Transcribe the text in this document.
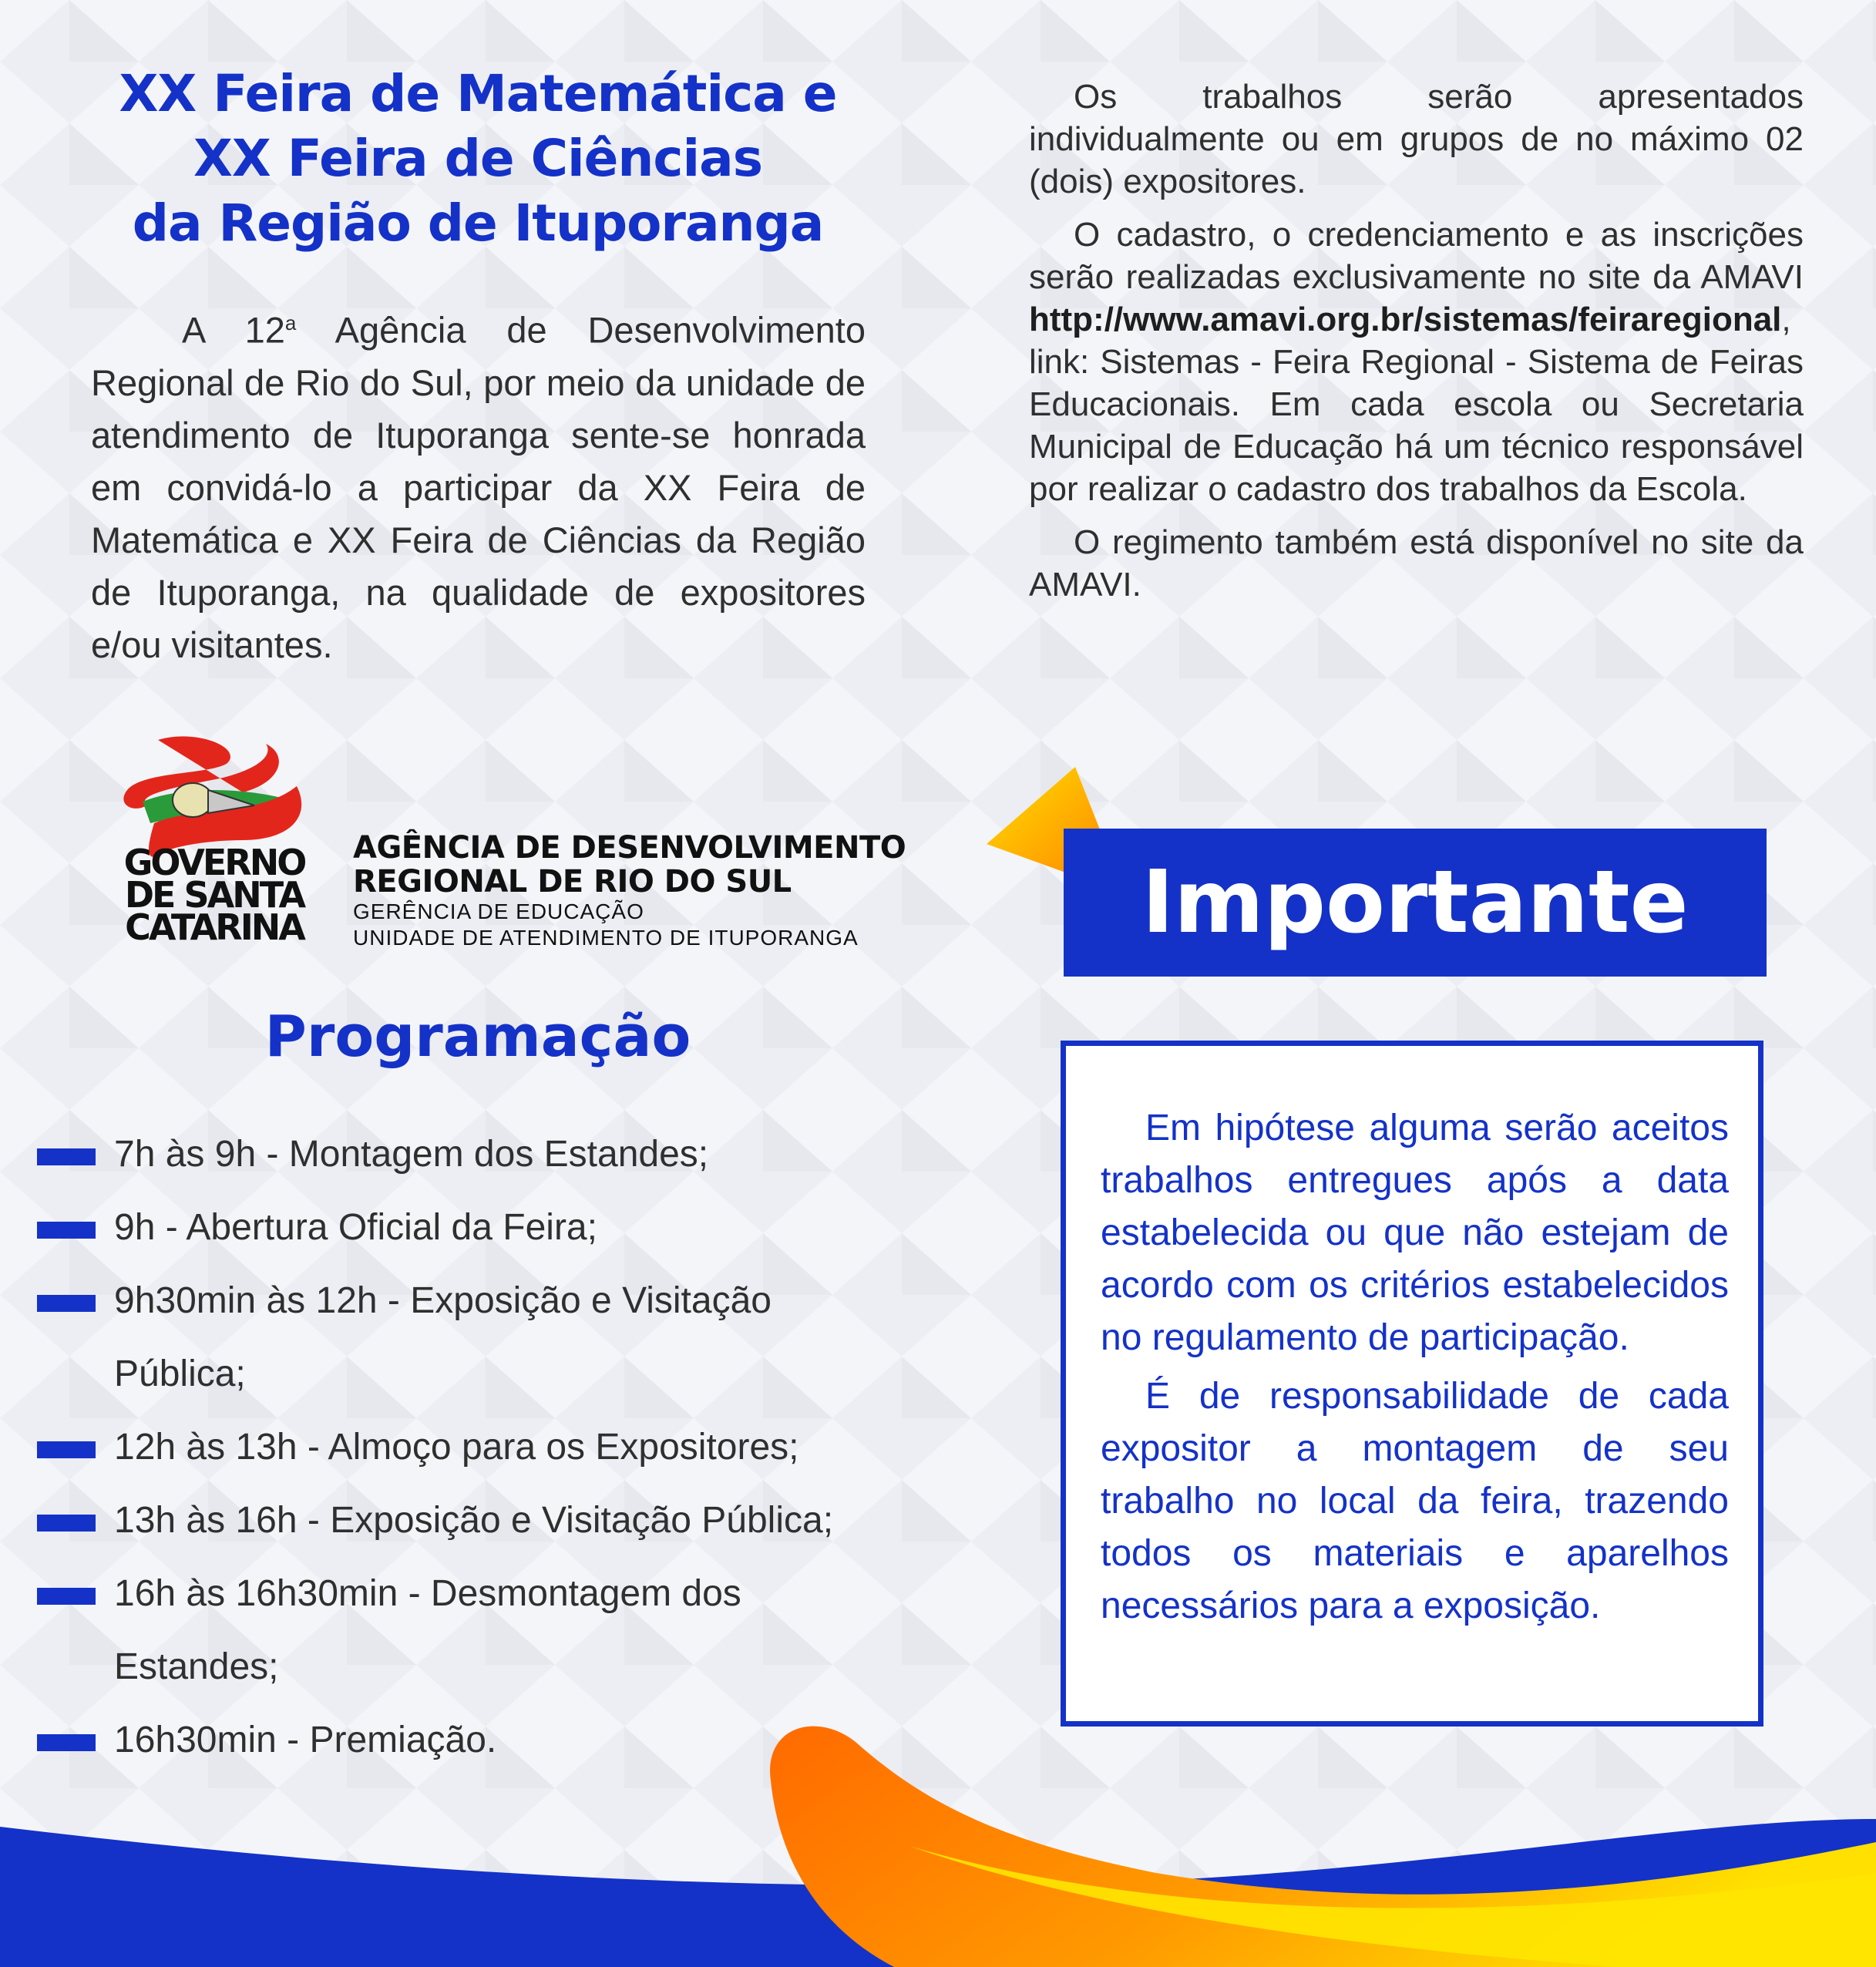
XX Feira de Matemática e
XX Feira de Ciências
da Região de Ituporanga

A 12$^a$ Agência de Desenvolvimento Regional de Rio do Sul, por meio da unidade de atendimento de Ituporanga sente-se honrada em convidá-lo a participar da XX Feira de Matemática e XX Feira de Ciências da Região de Ituporanga, na qualidade de expositores e/ou visitantes.

Os trabalhos serão apresentados individualmente ou em grupos de no máximo 02 (dois) expositores.

O cadastro, o credenciamento e as inscrições serão realizadas exclusivamente no site da AMAVI http://www.amavi.org.br/sistemas/feiraregional, link: Sistemas - Feira Regional - Sistema de Feiras Educacionais. Em cada escola ou Secretaria Municipal de Educação há um técnico responsável por realizar o cadastro dos trabalhos da Escola.

O regimento também está disponível no site da AMAVI.

GOVERNO
DE SANTA
CATARINA
AGÊNCIA DE DESENVOLVIMENTO
REGIONAL DE RIO DO SUL
GERÊNCIA DE EDUCAÇÃO
UNIDADE DE ATENDIMENTO DE ITUPORANGA
Programação
7h às 9h - Montagem dos Estandes;
9h - Abertura Oficial da Feira;
9h30min às 12h - Exposição e Visitação Pública;
12h às 13h - Almoço para os Expositores;
13h às 16h - Exposição e Visitação Pública;
16h às 16h30min - Desmontagem dos Estandes;
16h30min - Premiação.
Importante

Em hipótese alguma serão aceitos trabalhos entregues após a data estabelecida ou que não estejam de acordo com os critérios estabelecidos no regulamento de participação.

É de responsabilidade de cada expositor a montagem de seu trabalho no local da feira, trazendo todos os materiais e aparelhos necessários para a exposição.
